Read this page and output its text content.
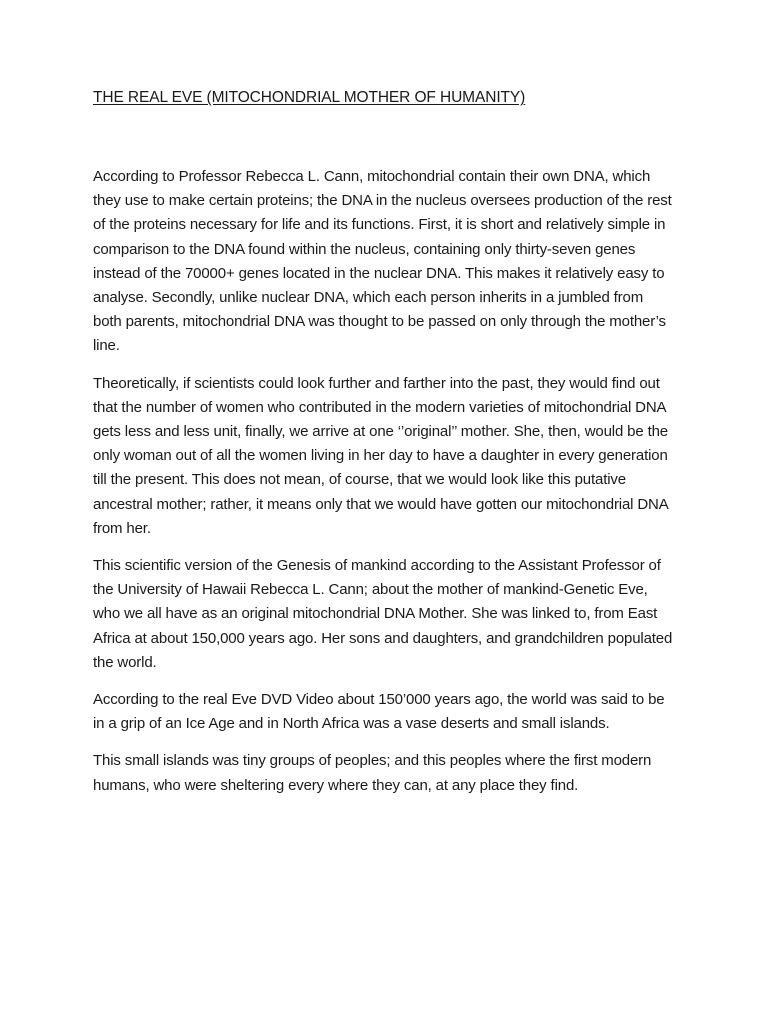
THE REAL EVE (MITOCHONDRIAL MOTHER OF HUMANITY)

According to Professor Rebecca L. Cann, mitochondrial contain their own DNA, which they use to make certain proteins; the DNA in the nucleus oversees production of the rest of the proteins necessary for life and its functions. First, it is short and relatively simple in comparison to the DNA found within the nucleus, containing only thirty-seven genes instead of the 70000+ genes located in the nuclear DNA. This makes it relatively easy to analyse. Secondly, unlike nuclear DNA, which each person inherits in a jumbled from both parents, mitochondrial DNA was thought to be passed on only through the mother’s line.

Theoretically, if scientists could look further and farther into the past, they would find out that the number of women who contributed in the modern varieties of mitochondrial DNA gets less and less unit, finally, we arrive at one ‘’original’’ mother. She, then, would be the only woman out of all the women living in her day to have a daughter in every generation till the present. This does not mean, of course, that we would look like this putative ancestral mother; rather, it means only that we would have gotten our mitochondrial DNA from her.

This scientific version of the Genesis of mankind according to the Assistant Professor of the University of Hawaii Rebecca L. Cann; about the mother of mankind-Genetic Eve, who we all have as an original mitochondrial DNA Mother. She was linked to, from East Africa at about 150,000 years ago. Her sons and daughters, and grandchildren populated the world.

According to the real Eve DVD Video about 150’000 years ago, the world was said to be in a grip of an Ice Age and in North Africa was a vase deserts and small islands.

This small islands was tiny groups of peoples; and this peoples where the first modern humans, who were sheltering every where they can, at any place they find.
